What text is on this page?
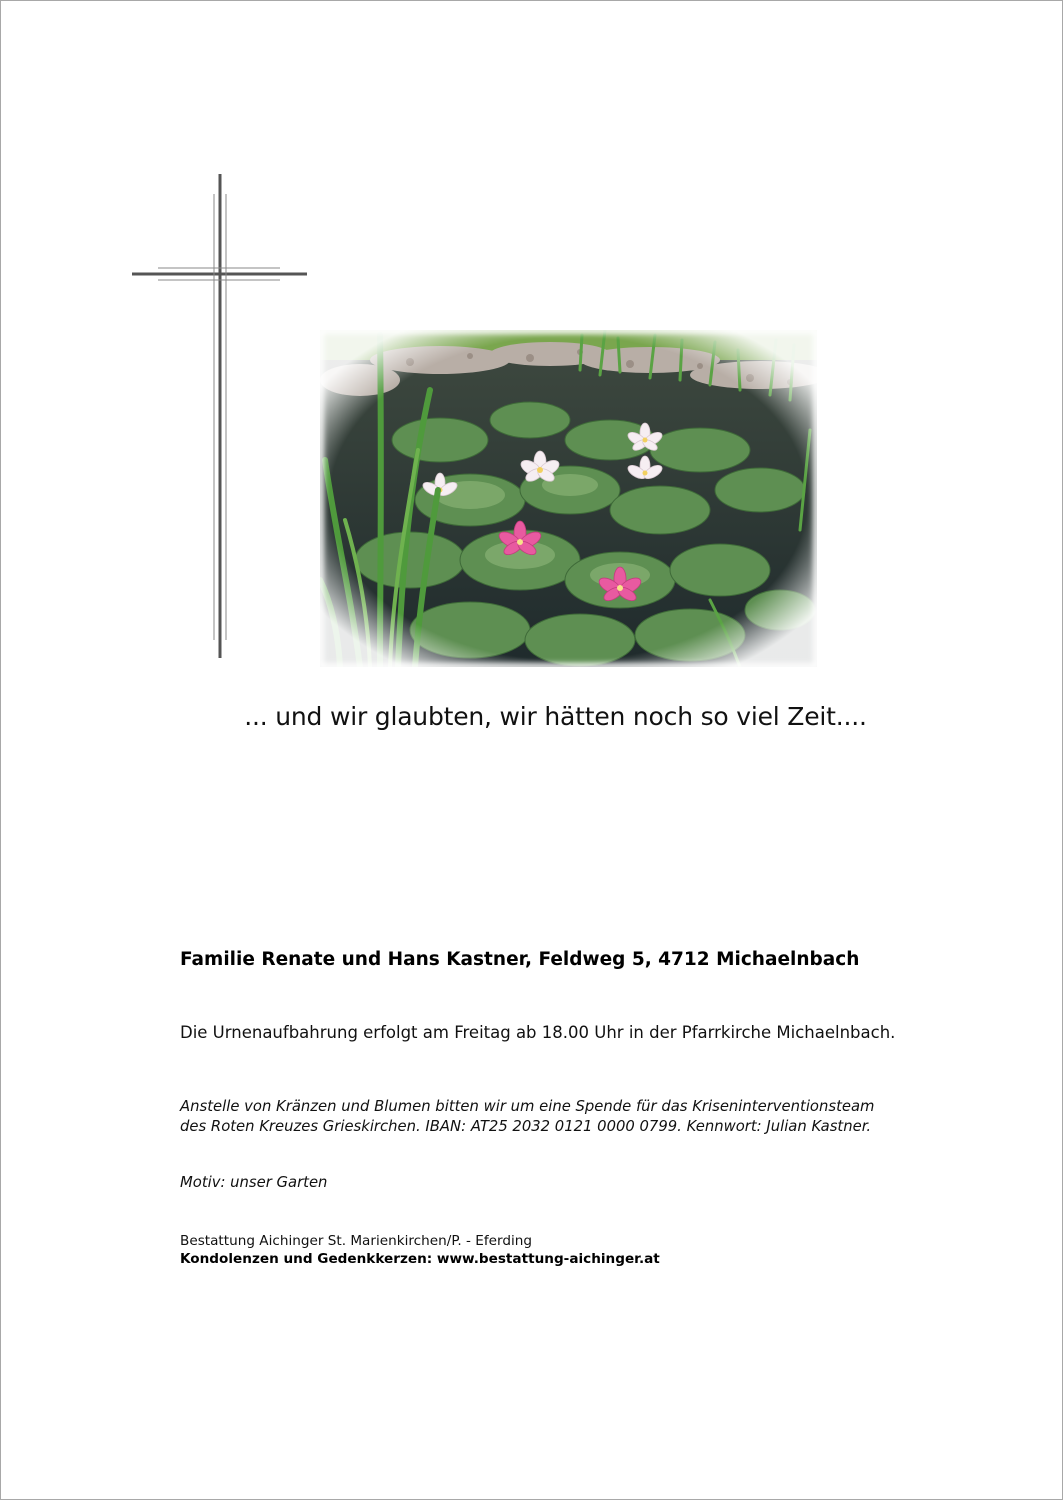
... und wir glaubten, wir hätten noch so viel Zeit....
Familie Renate und Hans Kastner, Feldweg 5, 4712 Michaelnbach
Die Urnenaufbahrung erfolgt am Freitag ab 18.00 Uhr in der Pfarrkirche Michaelnbach.
Anstelle von Kränzen und Blumen bitten wir um eine Spende für das Kriseninterventionsteam
des Roten Kreuzes Grieskirchen. IBAN: AT25 2032 0121 0000 0799. Kennwort: Julian Kastner.
Motiv: unser Garten
Bestattung Aichinger St. Marienkirchen/P. - Eferding
Kondolenzen und Gedenkkerzen: www.bestattung-aichinger.at
